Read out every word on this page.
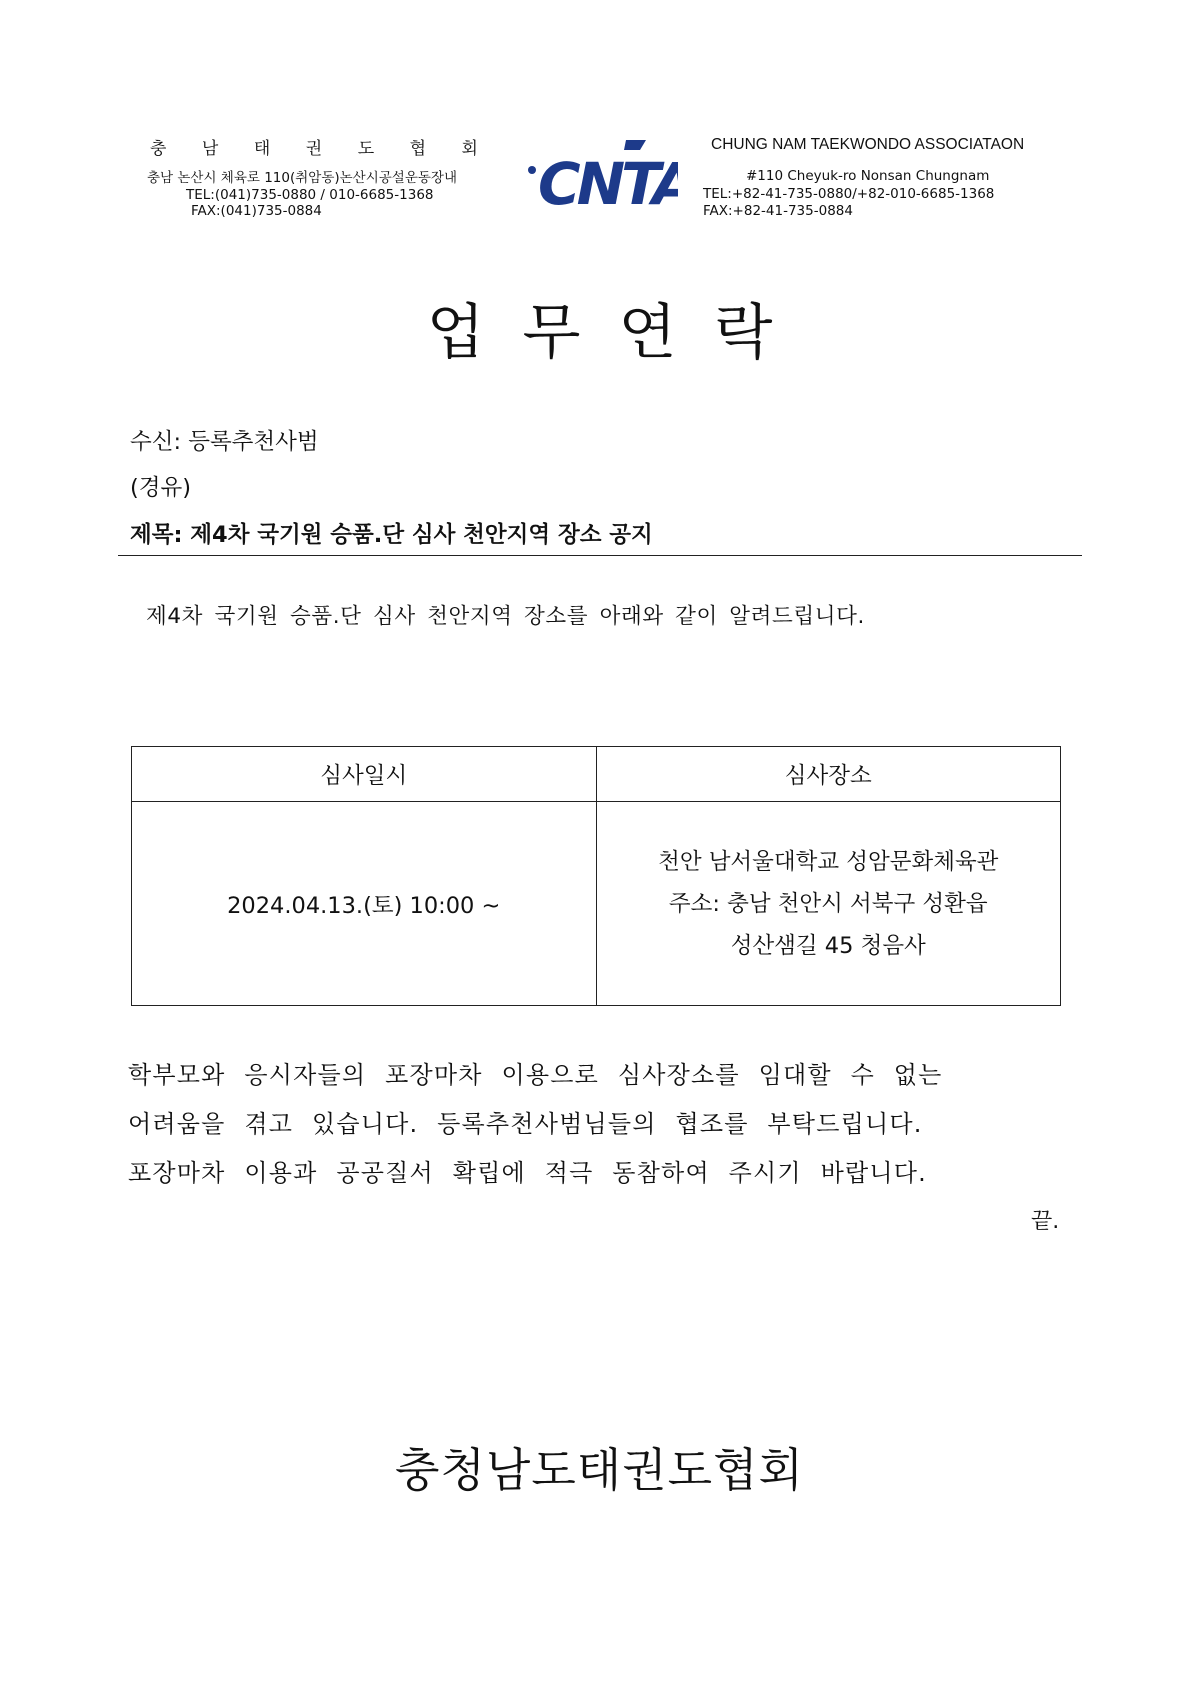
충 남 태 권 도 협 회
충남 논산시 체육로 110(취암동)논산시공설운동장내
TEL:(041)735-0880 / 010-6685-1368
FAX:(041)735-0884	CNTA
CHUNG NAM TAEKWONDO ASSOCIATAON
#110 Cheyuk-ro Nonsan Chungnam
TEL:+82-41-735-0880/+82-010-6685-1368
FAX:+82-41-735-0884
업무연락
수신: 등록추천사범
(경유)
제목: 제4차 국기원 승품.단 심사 천안지역 장소 공지
제4차 국기원 승품.단 심사 천안지역 장소를 아래와 같이 알려드립니다.
심사일시	심사장소
2024.04.13.(토) 10:00 ~	천안 남서울대학교 성암문화체육관
주소: 충남 천안시 서북구 성환읍
성산샘길 45 청음사
학부모와 응시자들의 포장마차 이용으로 심사장소를 임대할 수 없는
어려움을 겪고 있습니다. 등록추천사범님들의 협조를 부탁드립니다.
포장마차 이용과 공공질서 확립에 적극 동참하여 주시기 바랍니다.
끝.
충청남도태권도협회
